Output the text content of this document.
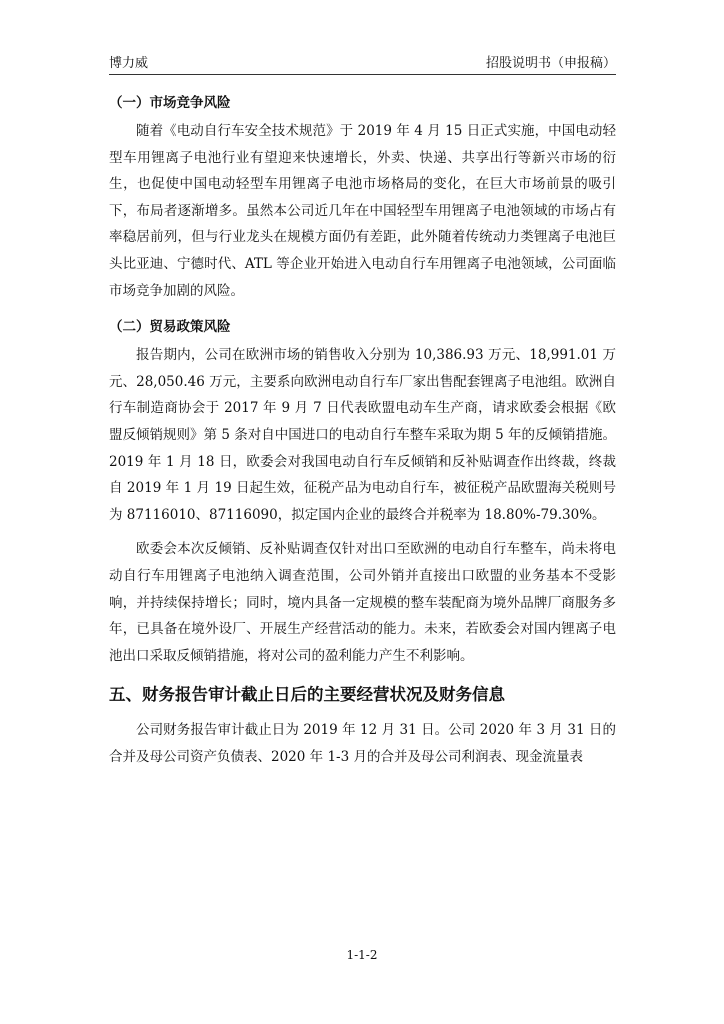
博力威	招股说明书（申报稿）
（一）市场竞争风险

随着《电动自行车安全技术规范》于 2019 年 4 月 15 日正式实施，中国电动轻型车用锂离子电池行业有望迎来快速增长，外卖、快递、共享出行等新兴市场的衍生，也促使中国电动轻型车用锂离子电池市场格局的变化，在巨大市场前景的吸引下，布局者逐渐增多。虽然本公司近几年在中国轻型车用锂离子电池领域的市场占有率稳居前列，但与行业龙头在规模方面仍有差距，此外随着传统动力类锂离子电池巨头比亚迪、宁德时代、ATL 等企业开始进入电动自行车用锂离子电池领域，公司面临市场竞争加剧的风险。

（二）贸易政策风险

报告期内，公司在欧洲市场的销售收入分别为 10,386.93 万元、18,991.01 万元、28,050.46 万元，主要系向欧洲电动自行车厂家出售配套锂离子电池组。欧洲自行车制造商协会于 2017 年 9 月 7 日代表欧盟电动车生产商，请求欧委会根据《欧盟反倾销规则》第 5 条对自中国进口的电动自行车整车采取为期 5 年的反倾销措施。2019 年 1 月 18 日，欧委会对我国电动自行车反倾销和反补贴调查作出终裁，终裁自 2019 年 1 月 19 日起生效，征税产品为电动自行车，被征税产品欧盟海关税则号为 87116010、87116090，拟定国内企业的最终合并税率为 18.80%-79.30%。

欧委会本次反倾销、反补贴调查仅针对出口至欧洲的电动自行车整车，尚未将电动自行车用锂离子电池纳入调查范围，公司外销并直接出口欧盟的业务基本不受影响，并持续保持增长；同时，境内具备一定规模的整车装配商为境外品牌厂商服务多年，已具备在境外设厂、开展生产经营活动的能力。未来，若欧委会对国内锂离子电池出口采取反倾销措施，将对公司的盈利能力产生不利影响。

五、财务报告审计截止日后的主要经营状况及财务信息

公司财务报告审计截止日为 2019 年 12 月 31 日。公司 2020 年 3 月 31 日的合并及母公司资产负债表、2020 年 1-3 月的合并及母公司利润表、现金流量表

1-1-2
